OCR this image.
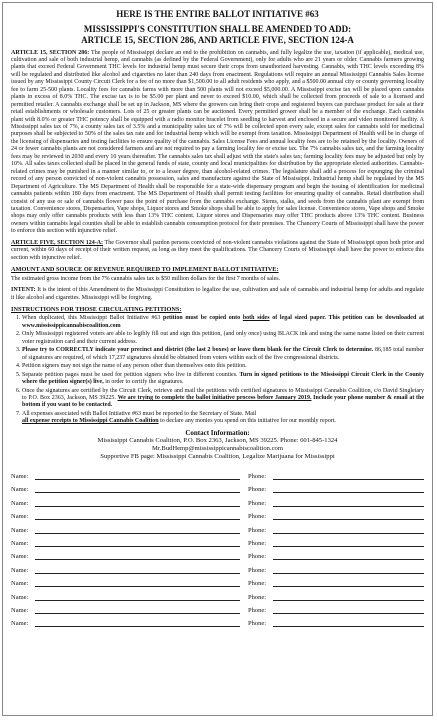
HERE IS THE ENTIRE BALLOT INITIATIVE #63
MISSISSIPPI'S CONSTITUTION SHALL BE AMENDED TO ADD:
ARTICLE 15, SECTION 286, AND ARTICLE FIVE, SECTION 124-A

ARTICLE 15, SECTION 286: The people of Mississippi declare an end to the prohibition on cannabis, and fully legalize the use, taxation (if applicable), medical use, cultivation and sale of both industrial hemp, and cannabis (as defined by the Federal Government), only for adults who are 21 years or older. Cannabis farmers growing plants that exceed Federal Government THC levels for industrial hemp must secure their crops from unauthorized harvesting. Cannabis, with THC levels exceeding 8% will be regulated and distributed like alcohol and cigarettes no later than 240 days from enactment. Regulations will require an annual Mississippi Cannabis Sales license issued by any Mississippi County Circuit Clerk for a fee of no more than $1,500.00 to all adult residents who apply, and a $500.00 annual city or county governing locality fee to farm 25-500 plants. Locality fees for cannabis farms with more than 500 plants will not exceed $5,000.00. A Mississippi excise tax will be placed upon cannabis plants in excess of 8.0% THC. The excise tax is to be $5.00 per plant and never to exceed $10.00, which shall be collected from proceeds of sale to a licensed and permitted retailer. A cannabis exchange shall be set up in Jackson, MS where the growers can bring their crops and registered buyers can purchase product for sale at their retail establishments or wholesale customers. Lots of 25 or greater plants can be auctioned. Every permitted grower shall be a member of the exchange. Each cannabis plant with 8.0% or greater THC potency shall be equipped with a radio monitor bracelet from seedling to harvest and enclosed in a secure and video monitored facility. A Mississippi sales tax of 7%, a county sales tax of 3.5% and a municipality sales tax of 7% will be collected upon every sale, except sales for cannabis sold for medicinal purposes shall be subjected to 50% of the sales tax rate and for industrial hemp which will be exempt from taxation. Mississippi Department of Health will be in charge of the licensing of dispensaries and testing facilities to ensure quality of the cannabis. Sales License Fees and annual locality fees are to be retained by the locality. Owners of 24 or fewer cannabis plants are not considered farmers and are not required to pay a farming locality fee or excise tax. The 7% cannabis sales tax, and the farming locality fees may be reviewed in 2030 and every 10 years thereafter. The cannabis sales tax shall adjust with the state's sales tax; farming locality fees may be adjusted but only by 10%. All sales taxes collected shall be placed in the general funds of state, county and local municipalities for distribution by the appropriate elected authorities. Cannabis-related crimes may be punished in a manner similar to, or to a lesser degree, than alcohol-related crimes. The legislature shall add a process for expunging the criminal record of any person convicted of non-violent cannabis possession, sales and manufacture against the State of Mississippi. Industrial hemp shall be regulated by the MS Department of Agriculture. The MS Department of Health shall be responsible for a state-wide dispensary program and begin the issuing of identification for medicinal cannabis patients within 180 days from enactment. The MS Department of Health shall permit testing facilities for ensuring quality of cannabis. Retail distribution shall consist of any use or sale of cannabis flower pass the point of purchase from the cannabis exchange. Stems, stalks, and seeds from the cannabis plant are exempt from taxation. Convenience stores, Dispensaries, Vape shops, Liquor stores and Smoke shops shall be able to apply for sales license. Convenience stores, Vape shops and Smoke shops may only offer cannabis products with less than 13% THC content. Liquor stores and Dispensaries may offer THC products above 13% THC content. Business owners within cannabis legal counties shall be able to establish cannabis consumption protocol for their premises. The Chancery Courts of Mississippi shall have the power to enforce this section with injunctive relief.

ARTICLE FIVE, SECTION 124-A: The Governor shall pardon persons convicted of non-violent cannabis violations against the State of Mississippi upon both prior and current, within 60 days of receipt of their written request, as long as they meet the qualifications. The Chancery Courts of Mississippi shall have the power to enforce this section with injunctive relief.

AMOUNT AND SOURCE OF REVENUE REQUIRED TO IMPLEMENT BALLOT INITIATIVE:

The estimated gross income from the 7% cannabis sales tax is $50 million dollars for the first 7 months of sales.

INTENT: It is the intent of this Amendment to the Mississippi Constitution to legalize the use, cultivation and sale of cannabis and industrial hemp for adults and regulate it like alcohol and cigarettes. Mississippi will be forgiving.

INSTRUCTIONS FOR THOSE CIRCULATING PETITIONS:
1. When duplicated, this Mississippi Ballot Initiative #63 petition must be copied onto both sides of legal sized paper. This petition can be downloaded at www.mississippicannabiscoalition.com
2. Only Mississippi registered voters are able to legibly fill out and sign this petition, (and only once) using BLACK ink and using the same name listed on their current voter registration card and their current address.
3. Please try to CORRECTLY indicate your precinct and district (the last 2 boxes) or leave them blank for the Circuit Clerk to determine. 86,185 total number of signatures are required, of which 17,237 signatures should be obtained from voters within each of the five congressional districts.
4. Petition signers may not sign the name of any person other than themselves onto this petition.
5. Separate petition pages must be used for petition signers who live in different counties. Turn in signed petitions to the Mississippi Circuit Clerk in the County where the petition signer(s) live, in order to certify the signatures.
6. Once the signatures are certified by the Circuit Clerk, retrieve and mail the petitions with certified signatures to Mississippi Cannabis Coalition, c/o David Singletary to P.O. Box 2363, Jackson, MS 39225. We are trying to complete the ballot initiative process before January 2019. Include your phone number & email at the bottom if you want to be contacted.
7. All expenses associated with Ballot Initiative #63 must be reported to the Secretary of State. Mail
all expense receipts to Mississippi Cannabis Coalition to declare any monies you spend on this initiative for our monthly report.
Contact Information:
Mississippi Cannabis Coalition, P.O. Box 2363, Jackson, MS 39225. Phone: 601-845-1324
Mr.BudHemp@mississippicannabiscoalition.com
Supportive FB page: Mississippi Cannabis Coalition, Legalize Marijuana for Mississippi
Name:	Phone:
Name:	Phone:
Name:	Phone:
Name:	Phone:
Name:	Phone:
Name:	Phone:
Name:	Phone:
Name:	Phone:
Name:	Phone:
Name:	Phone:
Name:	Phone:
Name:	Phone:
